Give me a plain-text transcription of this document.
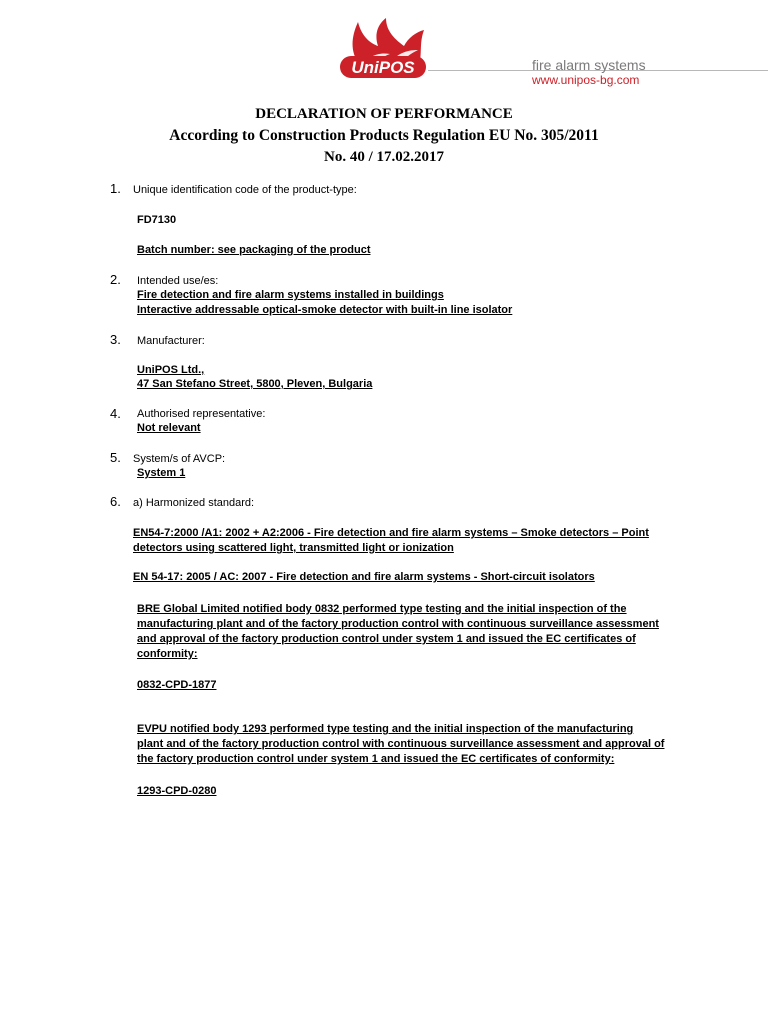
UniPOS	fire alarm systems
www.unipos-bg.com
DECLARATION OF PERFORMANCE
According to Construction Products Regulation EU No. 305/2011
No. 40 / 17.02.2017
1. Unique identification code of the product-type:
FD7130
Batch number: see packaging of the product
2. Intended use/es:
Fire detection and fire alarm systems installed in buildings
Interactive addressable optical-smoke detector with built-in line isolator
3. Manufacturer:
UniPOS Ltd.,
47 San Stefano Street, 5800, Pleven, Bulgaria
4. Authorised representative:
Not relevant
5. System/s of AVCP:
System 1
6. a) Harmonized standard:
EN54-7:2000 /A1: 2002 + A2:2006 - Fire detection and fire alarm systems – Smoke detectors – Point
detectors using scattered light, transmitted light or ionization
EN 54-17: 2005 / AC: 2007 - Fire detection and fire alarm systems - Short-circuit isolators
BRE Global Limited notified body 0832 performed type testing and the initial inspection of the
manufacturing plant and of the factory production control with continuous surveillance assessment
and approval of the factory production control under system 1 and issued the EC certificates of
conformity:
0832-CPD-1877
EVPU notified body 1293 performed type testing and the initial inspection of the manufacturing
plant and of the factory production control with continuous surveillance assessment and approval of
the factory production control under system 1 and issued the EC certificates of conformity:
1293-CPD-0280
